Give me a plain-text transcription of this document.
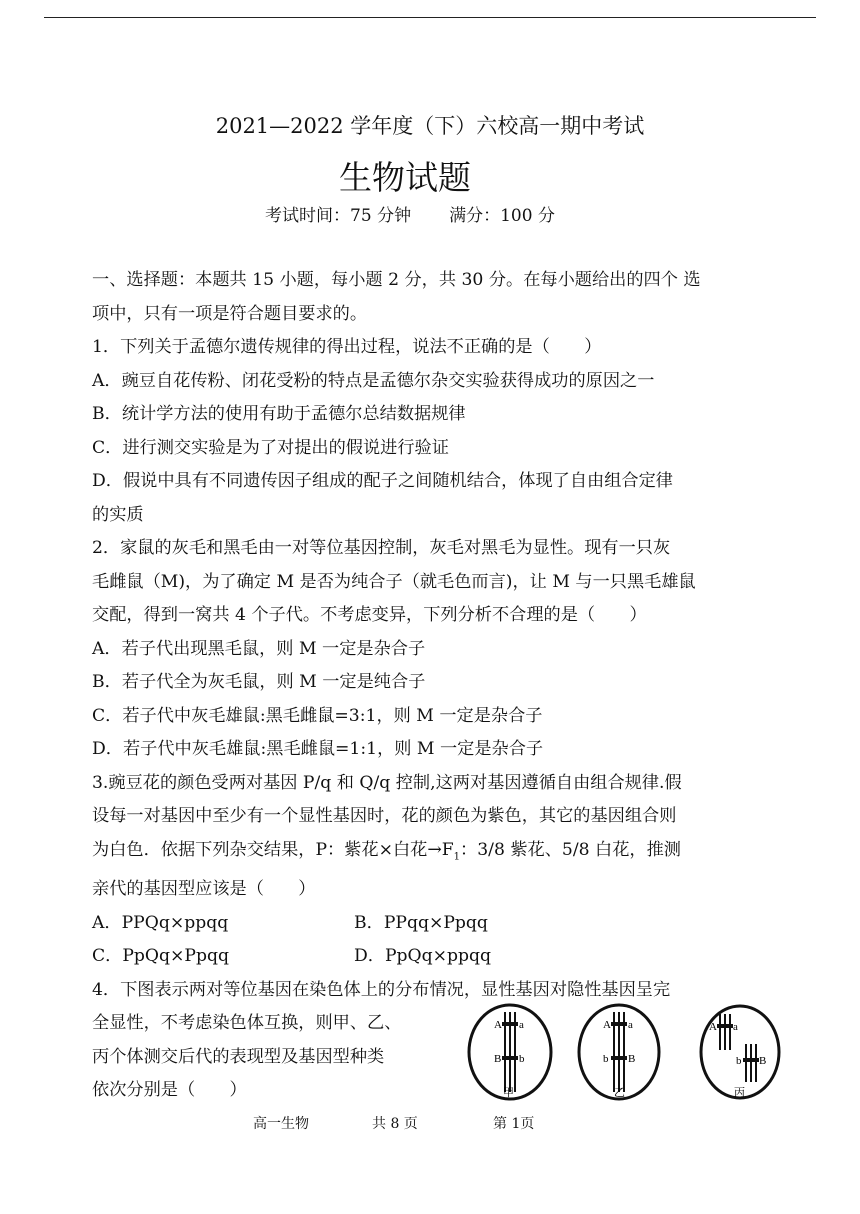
2021—2022 学年度（下）六校高一期中考试
生物试题
考试时间：75 分钟 满分：100 分

一、选择题：本题共 15 小题，每小题 2 分，共 30 分。在每小题给出的四个 选

项中，只有一项是符合题目要求的。

1．下列关于孟德尔遗传规律的得出过程，说法不正确的是（　　）

A．豌豆自花传粉、闭花受粉的特点是孟德尔杂交实验获得成功的原因之一

B．统计学方法的使用有助于孟德尔总结数据规律

C．进行测交实验是为了对提出的假说进行验证

D．假说中具有不同遗传因子组成的配子之间随机结合，体现了自由组合定律

的实质

2．家鼠的灰毛和黑毛由一对等位基因控制，灰毛对黑毛为显性。现有一只灰

毛雌鼠（M)，为了确定 M 是否为纯合子（就毛色而言)，让 M 与一只黑毛雄鼠

交配，得到一窝共 4 个子代。不考虑变异，下列分析不合理的是（　　）

A．若子代出现黑毛鼠，则 M 一定是杂合子

B．若子代全为灰毛鼠，则 M 一定是纯合子

C．若子代中灰毛雄鼠:黑毛雌鼠=3:1，则 M 一定是杂合子

D．若子代中灰毛雄鼠:黑毛雌鼠=1:1，则 M 一定是杂合子

3.豌豆花的颜色受两对基因 P/q 和 Q/q 控制,这两对基因遵循自由组合规律.假

设每一对基因中至少有一个显性基因时，花的颜色为紫色，其它的基因组合则

为白色．依据下列杂交结果，P：紫花×白花$\to F_1$：3/8 紫花、5/8 白花，推测

亲代的基因型应该是（　　）

A．PPQq×ppqq	B．PPqq×Ppqq
C．PpQq×Ppqq	D．PpQq×ppqq

4．下图表示两对等位基因在染色体上的分布情况，显性基因对隐性基因呈完

全显性，不考虑染色体互换，则甲、乙、

丙个体测交后代的表现型及基因型种类

依次分别是（　　）

A a
B b
甲
A a
b B
乙
A a
b B
丙
高一生物	共 8 页	第 1页
